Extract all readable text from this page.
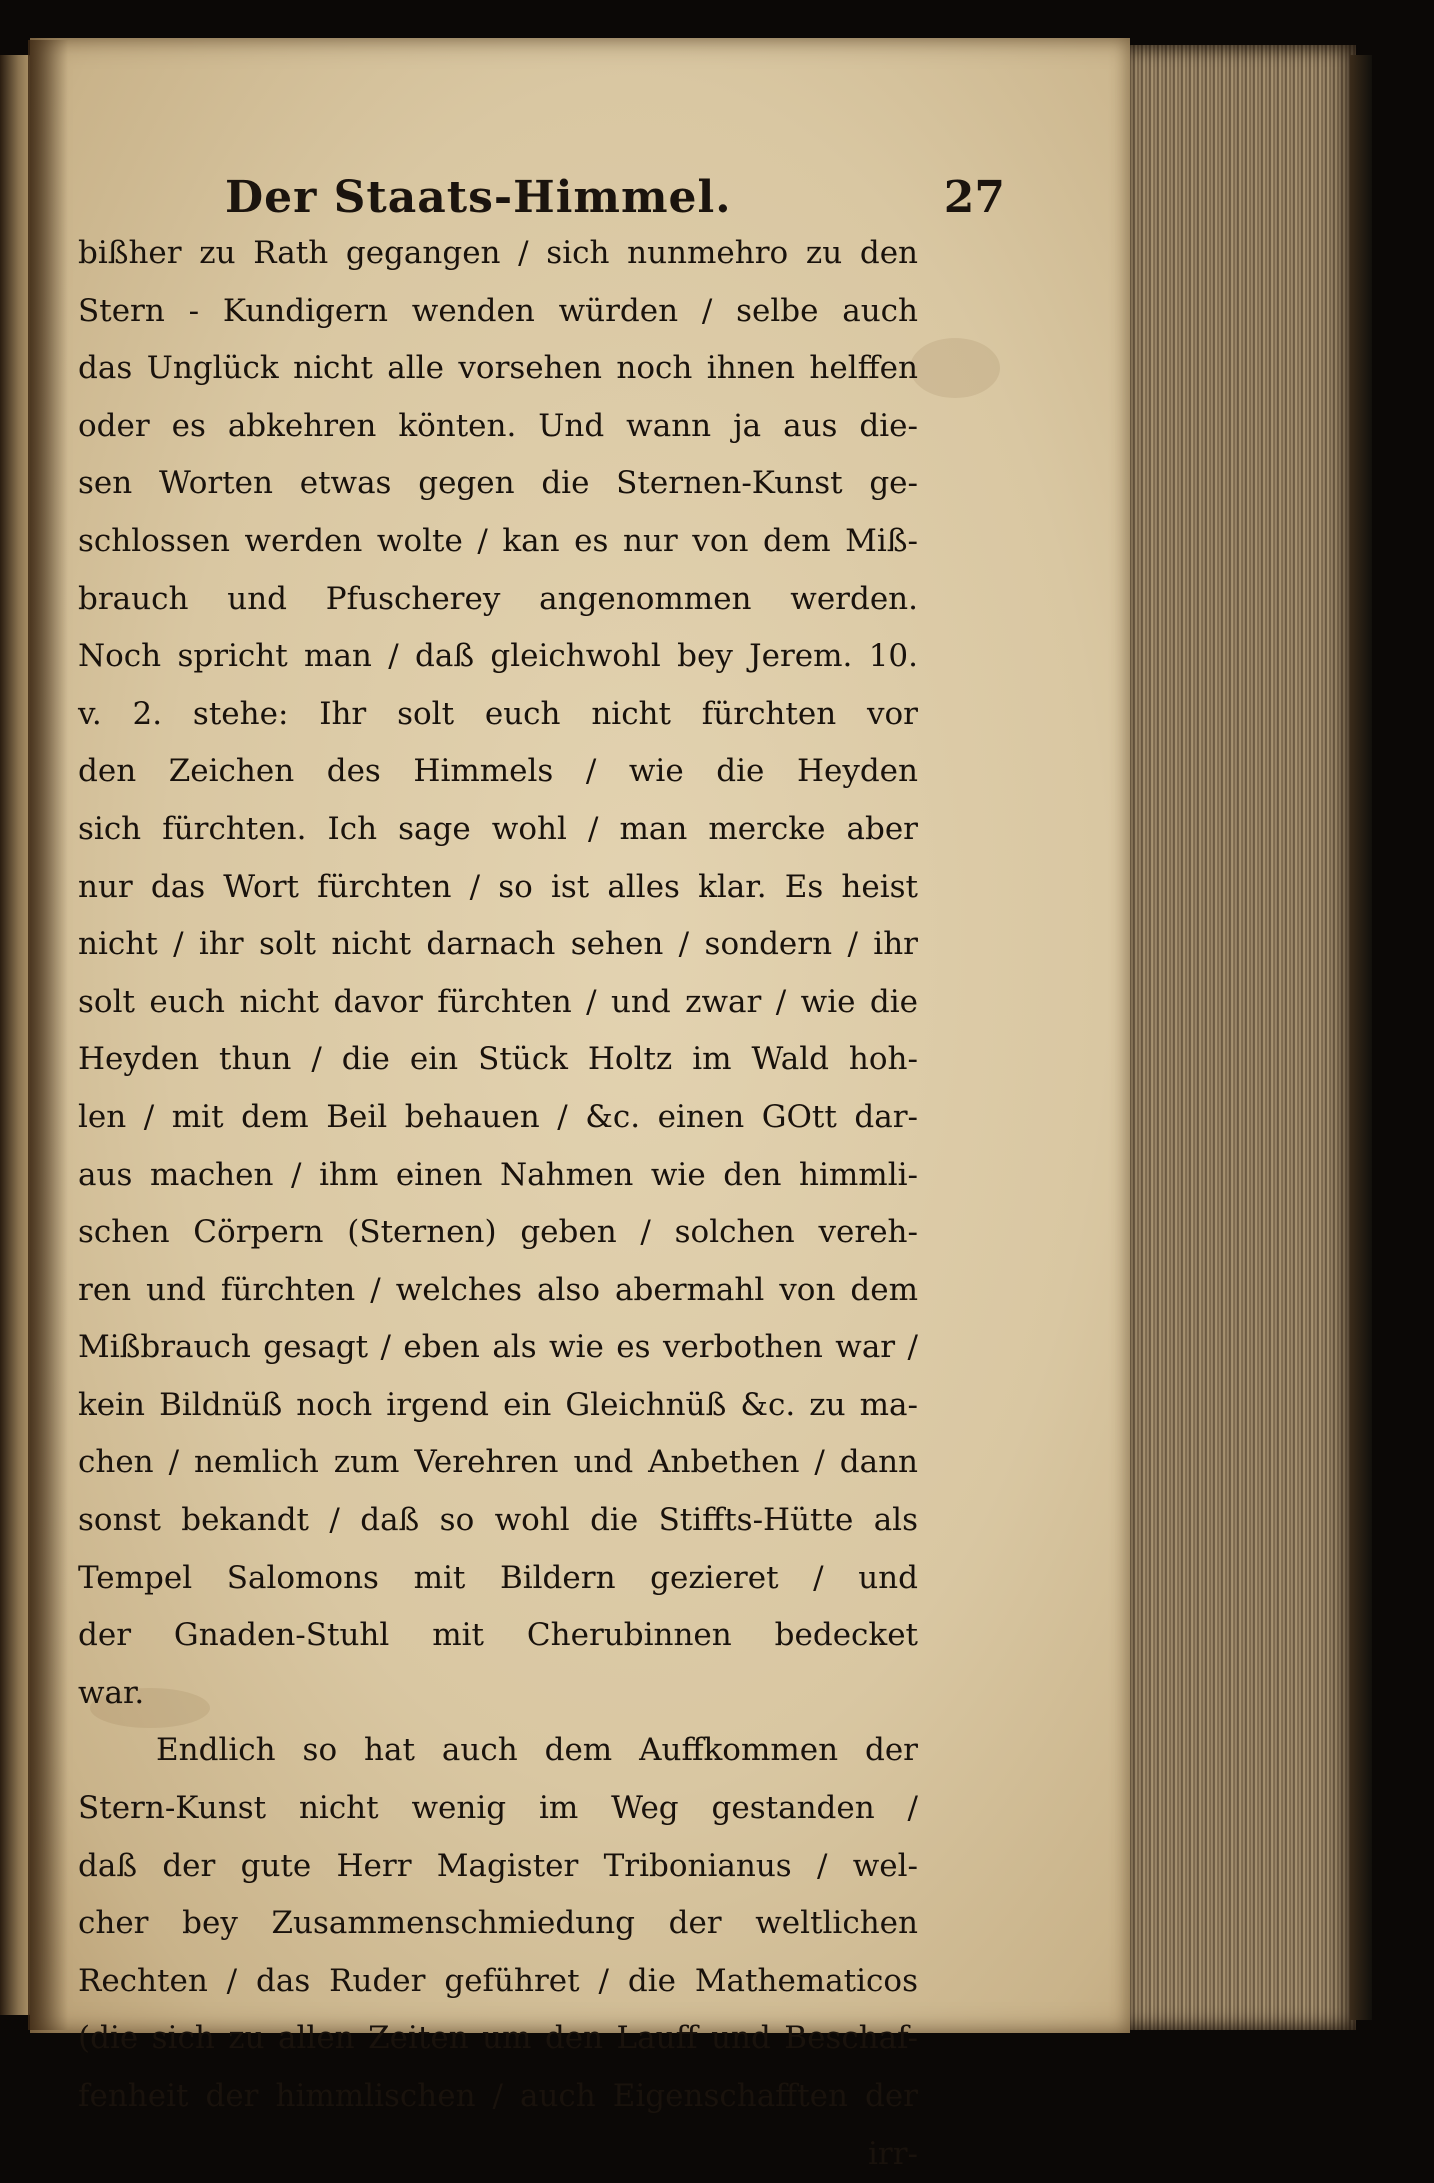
Der Staats-Himmel.	27
bißher zu Rath gegangen / sich nunmehro zu den
Stern - Kundigern wenden würden / selbe auch
das Unglück nicht alle vorsehen noch ihnen helffen
oder es abkehren könten. Und wann ja aus die-
sen Worten etwas gegen die Sternen-Kunst ge-
schlossen werden wolte / kan es nur von dem Miß-
brauch und Pfuscherey angenommen werden.
Noch spricht man / daß gleichwohl bey Jerem. 10.
v. 2. stehe: Ihr solt euch nicht fürchten vor
den Zeichen des Himmels / wie die Heyden
sich fürchten. Ich sage wohl / man mercke aber
nur das Wort fürchten / so ist alles klar. Es heist
nicht / ihr solt nicht darnach sehen / sondern / ihr
solt euch nicht davor fürchten / und zwar / wie die
Heyden thun / die ein Stück Holtz im Wald hoh-
len / mit dem Beil behauen / &c. einen GOtt dar-
aus machen / ihm einen Nahmen wie den himmli-
schen Cörpern (Sternen) geben / solchen vereh-
ren und fürchten / welches also abermahl von dem
Mißbrauch gesagt / eben als wie es verbothen war /
kein Bildnüß noch irgend ein Gleichnüß &c. zu ma-
chen / nemlich zum Verehren und Anbethen / dann
sonst bekandt / daß so wohl die Stiffts-Hütte als
Tempel Salomons mit Bildern gezieret / und
der Gnaden-Stuhl mit Cherubinnen bedecket
war.
Endlich so hat auch dem Auffkommen der
Stern-Kunst nicht wenig im Weg gestanden /
daß der gute Herr Magister Tribonianus / wel-
cher bey Zusammenschmiedung der weltlichen
Rechten / das Ruder geführet / die Mathematicos
(die sich zu allen Zeiten um den Lauff und Beschaf-
fenheit der himmlischen / auch Eigenschafften der
irr-
